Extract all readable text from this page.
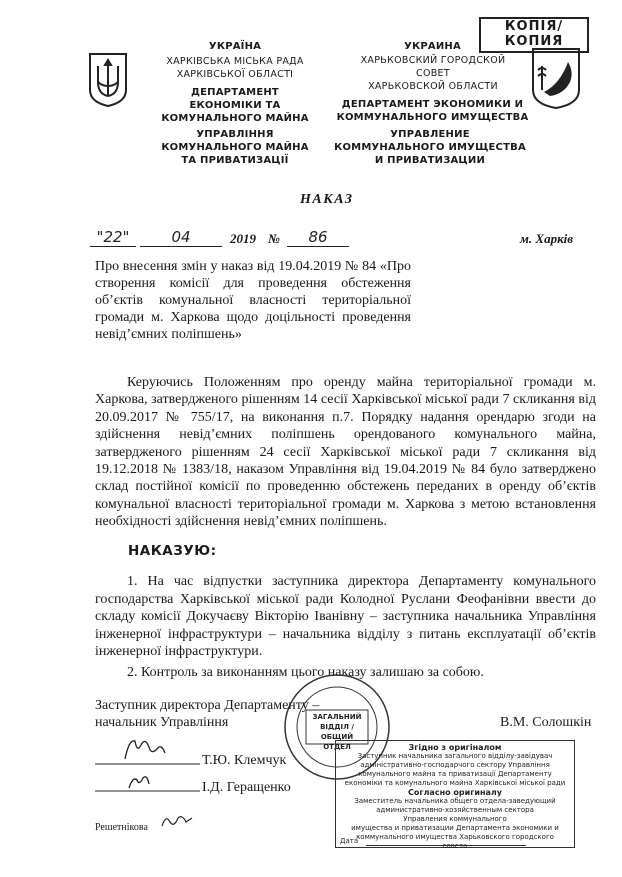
КОПІЯ/
КОПИЯ
УКРАЇНА
ХАРКІВСЬКА МІСЬКА РАДА
ХАРКІВСЬКОЇ ОБЛАСТІ
ДЕПАРТАМЕНТ
ЕКОНОМІКИ ТА
КОМУНАЛЬНОГО МАЙНА
УПРАВЛІННЯ
КОМУНАЛЬНОГО МАЙНА
ТА ПРИВАТИЗАЦІЇ
УКРАИНА
ХАРЬКОВСКИЙ ГОРОДСКОЙ
СОВЕТ
ХАРЬКОВСКОЙ ОБЛАСТИ
ДЕПАРТАМЕНТ ЭКОНОМИКИ И
КОММУНАЛЬНОГО ИМУЩЕСТВА
УПРАВЛЕНИЕ
КОММУНАЛЬНОГО ИМУЩЕСТВА
И ПРИВАТИЗАЦИИ
НАКАЗ
"22"	04	2019 №	86	м. Харків
Про внесення змін у наказ від 19.04.2019 № 84 «Про створення комісії для проведення обстеження об’єктів комунальної власності територіальної громади м. Харкова щодо доцільності проведення невід’ємних поліпшень»
Керуючись Положенням про оренду майна територіальної громади м. Харкова, затвердженого рішенням 14 сесії Харківської міської ради 7 скликання від 20.09.2017 № 755/17, на виконання п.7. Порядку надання орендарю згоди на здійснення невід’ємних поліпшень орендованого комунального майна, затвердженого рішенням 24 сесії Харківської міської ради 7 скликання від 19.12.2018 № 1383/18, наказом Управління від 19.04.2019 № 84 було затверджено склад постійної комісії по проведенню обстежень переданих в оренду об’єктів комунальної власності територіальної громади м. Харкова з метою встановлення необхідності здійснення невід’ємних поліпшень.
НАКАЗУЮ:
1. На час відпустки заступника директора Департаменту комунального господарства Харківської міської ради Колодної Руслани Феофанівни ввести до складу комісії Докучаєву Вікторію Іванівну – заступника начальника Управління інженерної інфраструктури – начальника відділу з питань експлуатації об’єктів інженерної інфраструктури.
2. Контроль за виконанням цього наказу залишаю за собою.
ЗАГАЛЬНИЙ
ВІДДІЛ /
ОБЩИЙ ОТДЕЛ
Заступник директора Департаменту –
начальник Управління	В.М. Солошкін
Т.Ю. Клемчук
І.Д. Геращенко
Решетнікова
Згідно з оригіналом
Заступник начальника загального відділу-завідувач
адміністративно-господарчого сектору Управління
комунального майна та приватизації Департаменту
економіки та комунального майна Харківської міської ради
Согласно оригиналу
Заместитель начальника общего отдела-заведующий
административно-хозяйственным сектора
Управления коммунального
имущества и приватизации Департамента экономики и
коммунального имущества Харьковского городского
совета
Дата
